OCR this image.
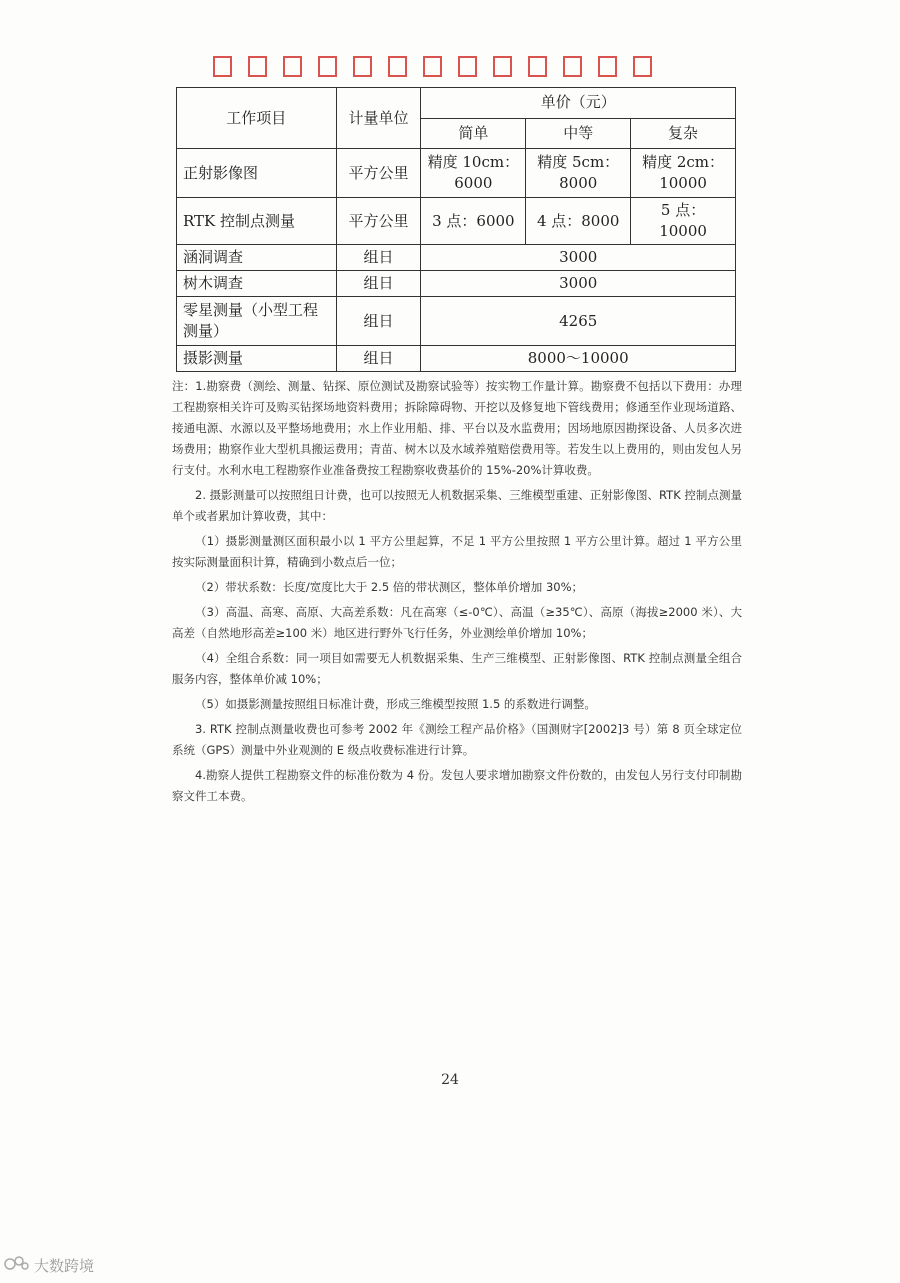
工作项目	计量单位	单价（元）		
		简单	中等	复杂
正射影像图	平方公里	精度 10cm：6000	精度 5cm：8000	精度 2cm：10000
RTK 控制点测量	平方公里	3 点：6000	4 点：8000	5 点：10000
涵洞调查	组日	3000		
树木调查	组日	3000		
零星测量（小型工程测量）	组日	4265		
摄影测量	组日	8000～10000		

注：1.勘察费（测绘、测量、钻探、原位测试及勘察试验等）按实物工作量计算。勘察费不包括以下费用：办理工程勘察相关许可及购买钻探场地资料费用；拆除障碍物、开挖以及修复地下管线费用；修通至作业现场道路、接通电源、水源以及平整场地费用；水上作业用船、排、平台以及水监费用；因场地原因勘探设备、人员多次进场费用；勘察作业大型机具搬运费用；青苗、树木以及水域养殖赔偿费用等。若发生以上费用的，则由发包人另行支付。水利水电工程勘察作业准备费按工程勘察收费基价的 15%-20%计算收费。

2. 摄影测量可以按照组日计费，也可以按照无人机数据采集、三维模型重建、正射影像图、RTK 控制点测量单个或者累加计算收费，其中：

（1）摄影测量测区面积最小以 1 平方公里起算，不足 1 平方公里按照 1 平方公里计算。超过 1 平方公里按实际测量面积计算，精确到小数点后一位；

（2）带状系数：长度/宽度比大于 2.5 倍的带状测区，整体单价增加 30%；

（3）高温、高寒、高原、大高差系数：凡在高寒（≤-0℃）、高温（≥35℃）、高原（海拔≥2000 米）、大高差（自然地形高差≥100 米）地区进行野外飞行任务，外业测绘单价增加 10%；

（4）全组合系数：同一项目如需要无人机数据采集、生产三维模型、正射影像图、RTK 控制点测量全组合服务内容，整体单价减 10%；

（5）如摄影测量按照组日标准计费，形成三维模型按照 1.5 的系数进行调整。

3. RTK 控制点测量收费也可参考 2002 年《测绘工程产品价格》（国测财字[2002]3 号）第 8 页全球定位系统（GPS）测量中外业观测的 E 级点收费标准进行计算。

4.勘察人提供工程勘察文件的标准份数为 4 份。发包人要求增加勘察文件份数的，由发包人另行支付印制勘察文件工本费。

24
大数跨境
